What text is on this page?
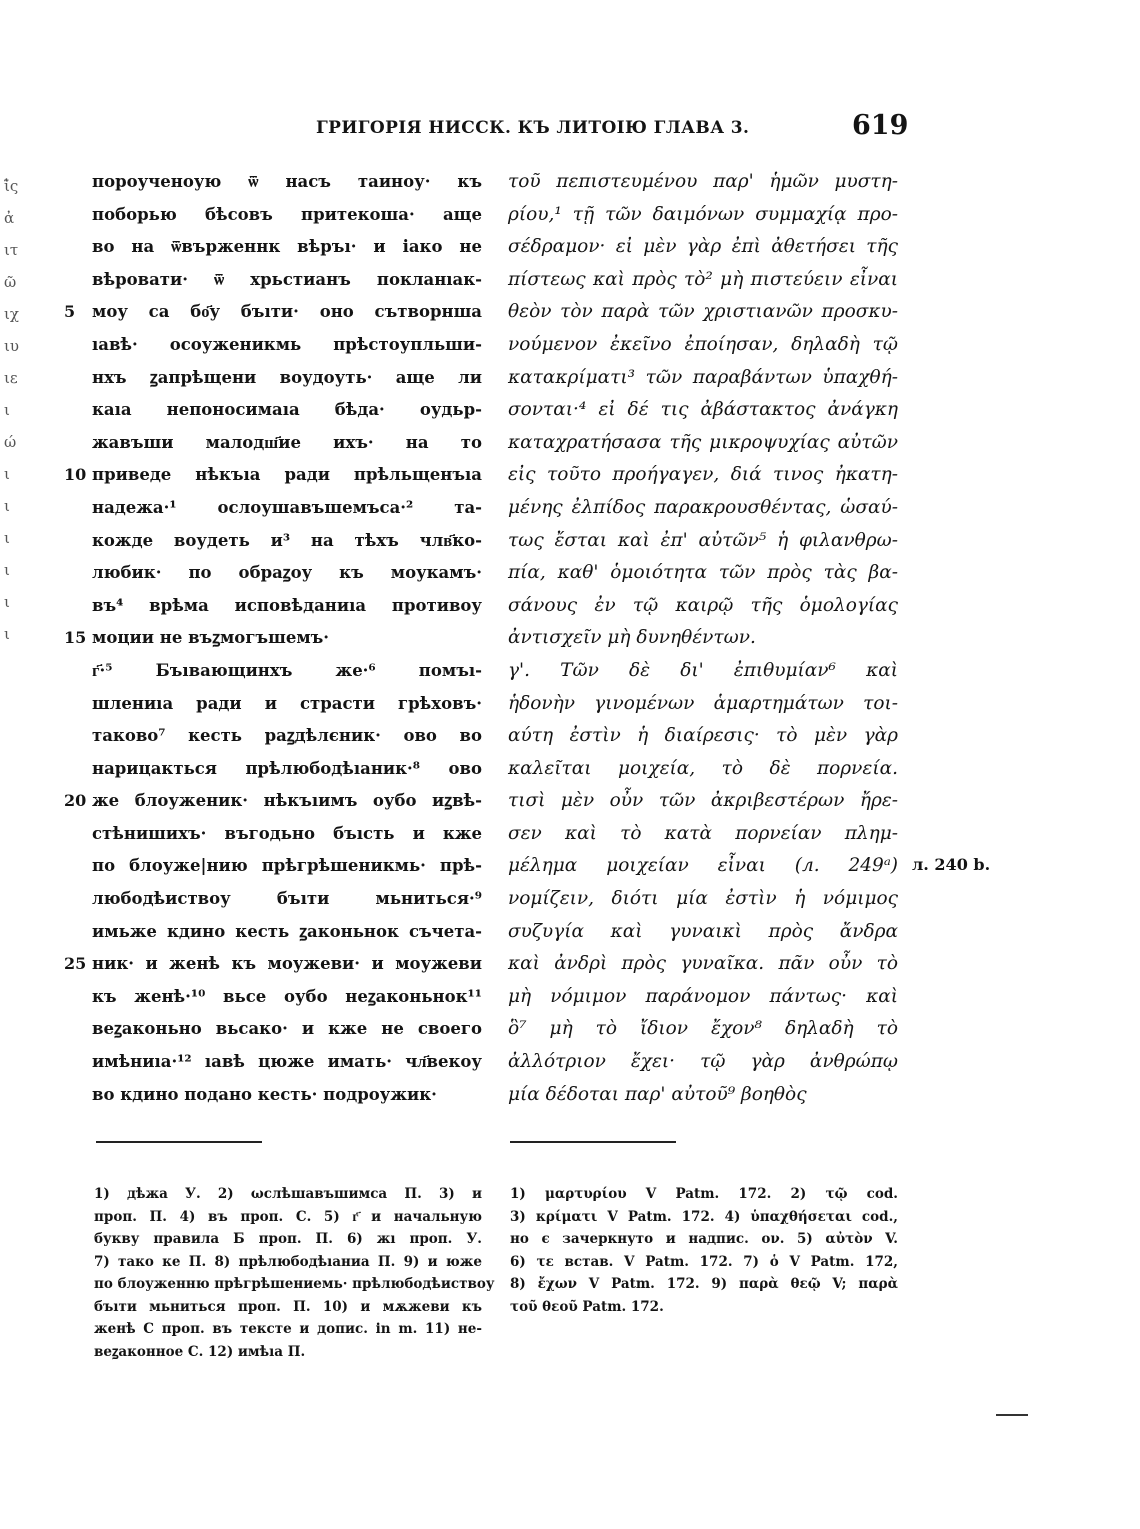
ГРИГОРІЯ НИССК. КЪ ЛИТОІЮ ГЛАВА 3.	619
ἰ̃ς
ἀ
ιτ
ῶ
ιχ
ιυ
ιε
ι
ώ
ι
ι
ι
ι
ι
ι
пороученоую ѿ насъ таиноу· къ
поборью бѣсовъ притекоша· аще
во на ѿвърженнк вѣръı· и іако не
вѣровати· ѿ хрьстианъ покланıак-
моу са бо҃у бъıти· оно сътворнша
ıавѣ· осоуженикмь прѣстоупльши-
нхъ ꙁапрѣщени воудоуть· аще ли
каıа непоносимаıа бѣда· оудьр-
жавъши малодш҃ие ихъ· на то
приведе нѣкъıа ради прѣльщенъıа
надежа·¹ ослоушавъшемъса·² та-
кожде воудеть и³ на тѣхъ члв҃ко-
любик· по обраꙁоу къ моукамъ·
въ⁴ врѣма исповѣданиıа противоу
моции не въꙁмогъшемъ·
г҃·⁵ Бъıвающинхъ же·⁶ помъı-
шлениıа ради и страсти грѣховъ·
таково⁷ кесть раꙁдѣлєник· ово во
нарицакться прѣлюбодѣıаник·⁸ ово
же блоуженик· нѣкъıимъ оубо иꙁвѣ-
стѣнишихъ· въгодьно бъıсть и кже
по блоуже|нию прѣгрѣшеникмь· прѣ-
любодѣиствоу бъıти мьниться·⁹
имьже кдино кесть ꙁаконьнок съчета-
ник· и женѣ къ моужеви· и моужеви
къ женѣ·¹⁰ вьсе оубо неꙁаконьнок¹¹
веꙁаконьно вьсако· и кже не своего
имѣниıа·¹² ıавѣ цюже имать· чл҃векоу
во кдино подано кесть· подроужик·
τοῦ πεπιστευμένου παρ' ἡμῶν μυστη-
ρίου,¹ τῇ τῶν δαιμόνων συμμαχίᾳ προ-
σέδραμον· εἰ μὲν γὰρ ἐπὶ ἀθετήσει τῆς
πίστεως καὶ πρὸς τὸ² μὴ πιστεύειν εἶναι
θεὸν τὸν παρὰ τῶν χριστιανῶν προσκυ-
νούμενον ἐκεῖνο ἐποίησαν, δηλαδὴ τῷ
κατακρίματι³ τῶν παραβάντων ὑπαχθή-
σονται·⁴ εἰ δέ τις ἀβάστακτος ἀνάγκη
καταχρατήσασα τῆς μικροψυχίας αὐτῶν
εἰς τοῦτο προήγαγεν, διά τινος ἠκατη-
μένης ἐλπίδος παρακρουσθέντας, ὡσαύ-
τως ἔσται καὶ ἐπ' αὐτῶν⁵ ἡ φιλανθρω-
πία, καθ' ὁμοιότητα τῶν πρὸς τὰς βα-
σάνους ἐν τῷ καιρῷ τῆς ὁμολογίας
ἀντισχεῖν μὴ δυνηθέντων.
γ'. Τῶν δὲ δι' ἐπιθυμίαν⁶ καὶ
ἡδονὴν γινομένων ἁμαρτημάτων τοι-
αύτη ἐστὶν ἡ διαίρεσις· τὸ μὲν γὰρ
καλεῖται μοιχεία, τὸ δὲ πορνεία.
τισὶ μὲν οὖν τῶν ἀκριβεστέρων ἤρε-
σεν καὶ τὸ κατὰ πορνείαν πλημ-
μέλημα μοιχείαν εἶναι (л. 249ᵃ)
νομίζειν, διότι μία ἐστὶν ἡ νόμιμος
συζυγία καὶ γυναικὶ πρὸς ἄνδρα
καὶ ἀνδρὶ πρὸς γυναῖκα. πᾶν οὖν τὸ
μὴ νόμιμον παράνομον πάντως· καὶ
ὃ⁷ μὴ τὸ ἴδιον ἔχον⁸ δηλαδὴ τὸ
ἀλλότριον ἔχει· τῷ γὰρ ἀνθρώπῳ
μία δέδοται παρ' αὐτοῦ⁹ βοηθὸς
5
10
15
20
25
л. 240 b.
1) дѣжа У. 2) ωслѣшавъшимса П. 3) и
проп. П. 4) въ проп. С. 5) г҃ и начальную
букву правила Б проп. П. 6) жı проп. У.
7) тако ке П. 8) прѣлюбодѣıаниа П. 9) и юже
по блоуженню прѣгрѣшениемь· прѣлюбодѣиствоу
бъıти мьниться проп. П. 10) и мѫжеви къ
женѣ С проп. въ тексте и допис. in m. 11) не-
веꙁаконное С. 12) имѣıа П.
1) μαρτυρίου V Patm. 172. 2) τῷ cod.
3) κρίματι V Patm. 172. 4) ὑπαχθήσεται cod.,
но є зачеркнуто и надпис. ον. 5) αὐτὸν V.
6) τε встав. V Patm. 172. 7) ὁ V Patm. 172,
8) ἔχων V Patm. 172. 9) παρὰ θεῷ V; παρὰ
τοῦ θεοῦ Patm. 172.
